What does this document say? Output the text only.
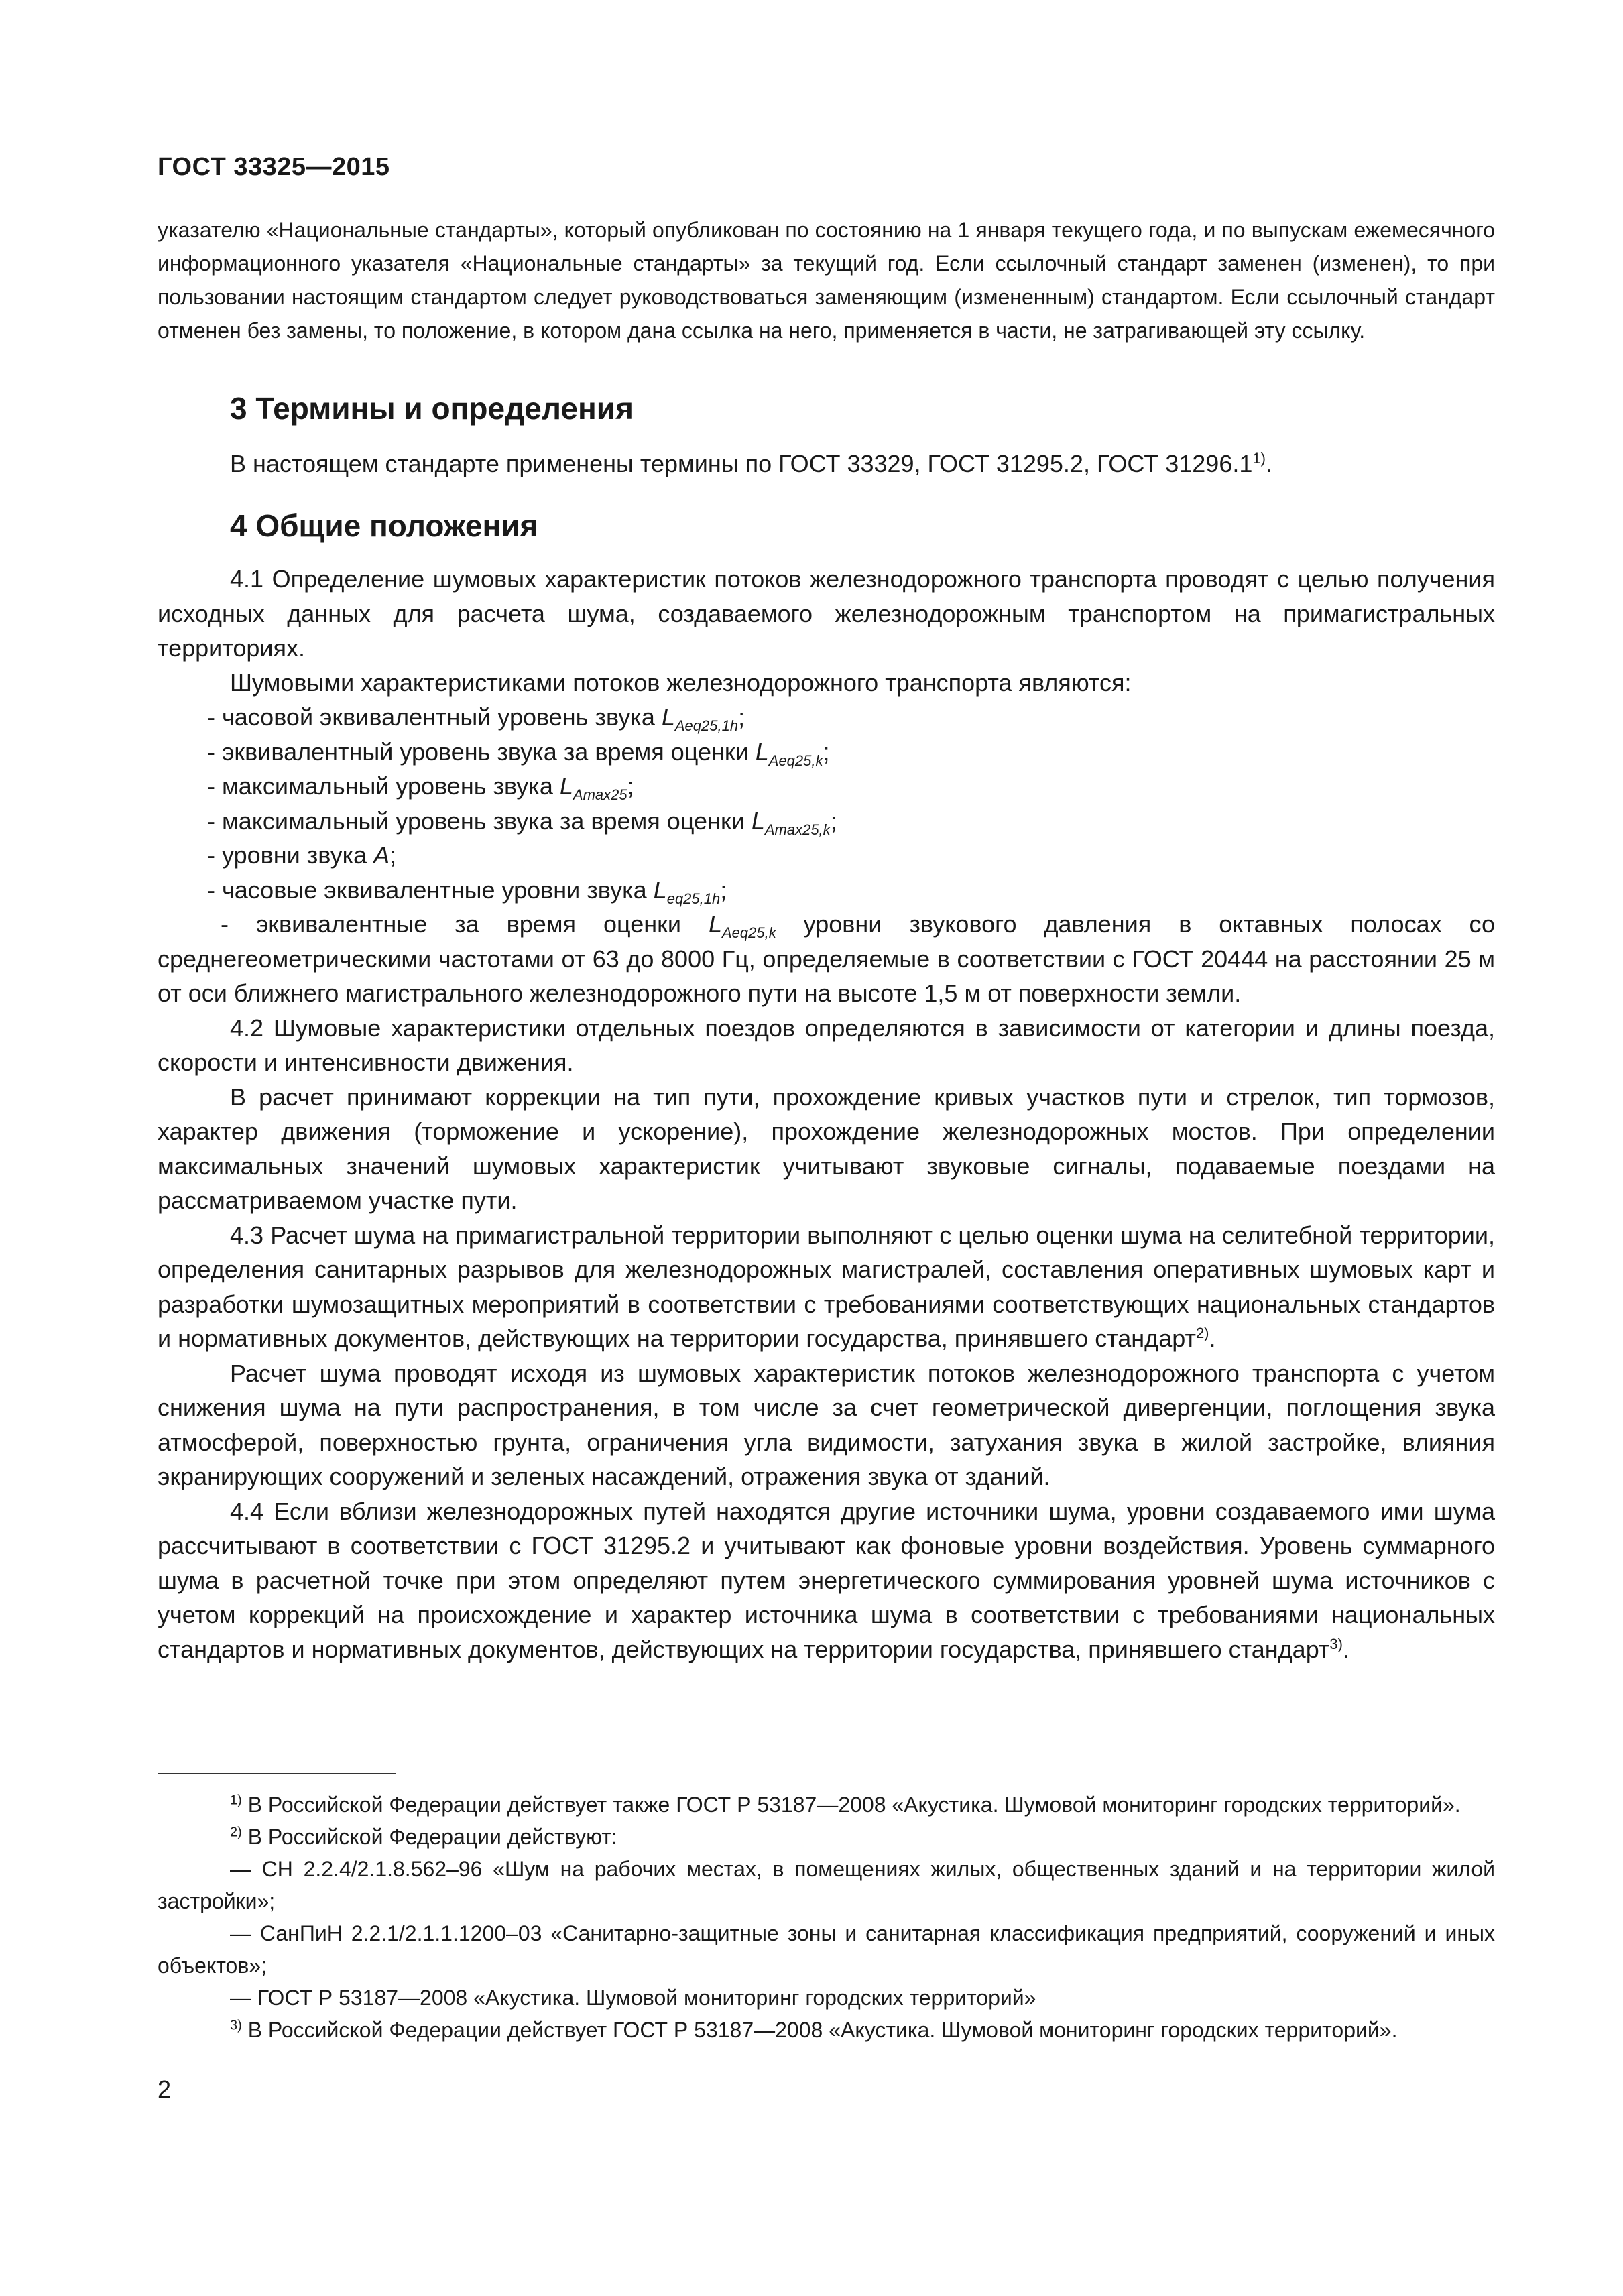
ГОСТ 33325—2015

указателю «Национальные стандарты», который опубликован по состоянию на 1 января текущего года, и по выпускам ежемесячного информационного указателя «Национальные стандарты» за текущий год. Если ссылочный стандарт заменен (изменен), то при пользовании настоящим стандартом следует руководствоваться заменяющим (измененным) стандартом. Если ссылочный стандарт отменен без замены, то положение, в котором дана ссылка на него, применяется в части, не затрагивающей эту ссылку.

3 Термины и определения
В настоящем стандарте применены термины по ГОСТ 33329, ГОСТ 31295.2, ГОСТ 31296.1$^{1)}$.
4 Общие положения

4.1 Определение шумовых характеристик потоков железнодорожного транспорта проводят с целью получения исходных данных для расчета шума, создаваемого железнодорожным транспортом на примагистральных территориях.

Шумовыми характеристиками потоков железнодорожного транспорта являются:

- часовой эквивалентный уровень звука $L_{Aeq25,1h}$;

- эквивалентный уровень звука за время оценки $L_{Aeq25,k}$;

- максимальный уровень звука $L_{Amax25}$;

- максимальный уровень звука за время оценки $L_{Amax25,k}$;

- уровни звука A;

- часовые эквивалентные уровни звука $L_{eq25,1h}$;

- эквивалентные за время оценки $L_{Aeq25,k}$ уровни звукового давления в октавных полосах со среднегеометрическими частотами от 63 до 8000 Гц, определяемые в соответствии с ГОСТ 20444 на расстоянии 25 м от оси ближнего магистрального железнодорожного пути на высоте 1,5 м от поверхности земли.

4.2 Шумовые характеристики отдельных поездов определяются в зависимости от категории и длины поезда, скорости и интенсивности движения.

В расчет принимают коррекции на тип пути, прохождение кривых участков пути и стрелок, тип тормозов, характер движения (торможение и ускорение), прохождение железнодорожных мостов. При определении максимальных значений шумовых характеристик учитывают звуковые сигналы, подаваемые поездами на рассматриваемом участке пути.

4.3 Расчет шума на примагистральной территории выполняют с целью оценки шума на селитебной территории, определения санитарных разрывов для железнодорожных магистралей, составления оперативных шумовых карт и разработки шумозащитных мероприятий в соответствии с требованиями соответствующих национальных стандартов и нормативных документов, действующих на территории государства, принявшего стандарт$^{2)}$.

Расчет шума проводят исходя из шумовых характеристик потоков железнодорожного транспорта с учетом снижения шума на пути распространения, в том числе за счет геометрической дивергенции, поглощения звука атмосферой, поверхностью грунта, ограничения угла видимости, затухания звука в жилой застройке, влияния экранирующих сооружений и зеленых насаждений, отражения звука от зданий.

4.4 Если вблизи железнодорожных путей находятся другие источники шума, уровни создаваемого ими шума рассчитывают в соответствии с ГОСТ 31295.2 и учитывают как фоновые уровни воздействия. Уровень суммарного шума в расчетной точке при этом определяют путем энергетического суммирования уровней шума источников с учетом коррекций на происхождение и характер источника шума в соответствии с требованиями национальных стандартов и нормативных документов, действующих на территории государства, принявшего стандарт$^{3)}$.

$^{1)}$ В Российской Федерации действует также ГОСТ Р 53187—2008 «Акустика. Шумовой мониторинг городских территорий».

$^{2)}$ В Российской Федерации действуют:

— СН 2.2.4/2.1.8.562–96 «Шум на рабочих местах, в помещениях жилых, общественных зданий и на территории жилой застройки»;

— СанПиН 2.2.1/2.1.1.1200–03 «Санитарно-защитные зоны и санитарная классификация предприятий, сооружений и иных объектов»;

— ГОСТ Р 53187—2008 «Акустика. Шумовой мониторинг городских территорий»

$^{3)}$ В Российской Федерации действует ГОСТ Р 53187—2008 «Акустика. Шумовой мониторинг городских территорий».

2
